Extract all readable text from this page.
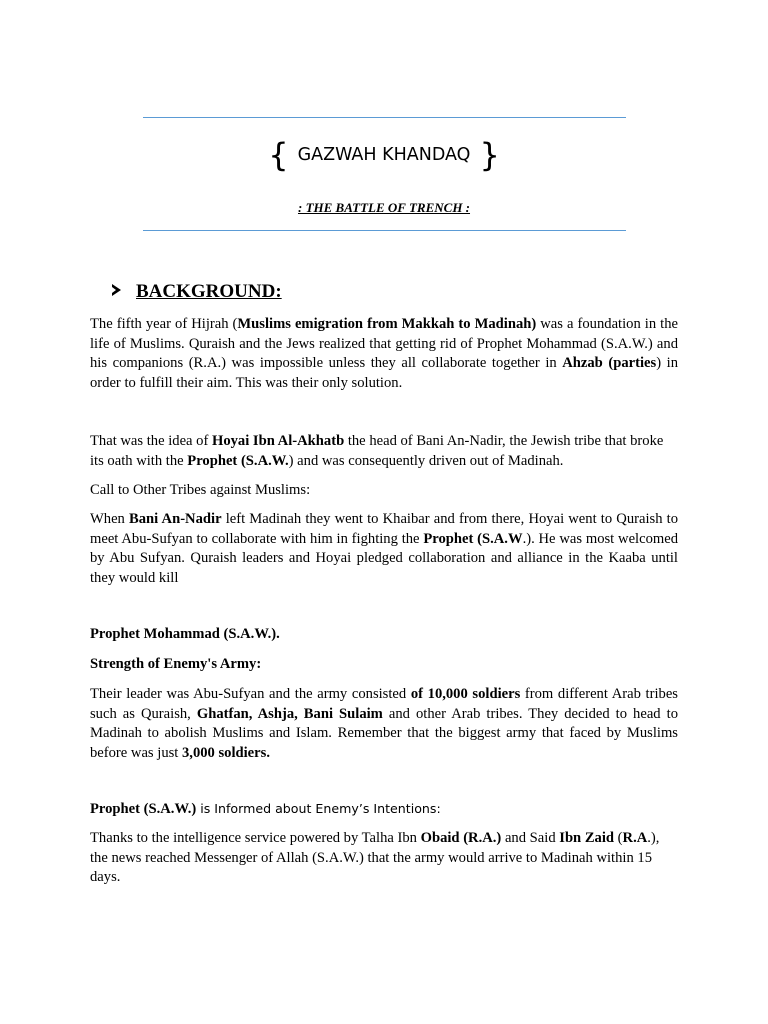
{ GAZWAH KHANDAQ }
: THE BATTLE OF TRENCH :
BACKGROUND:

The fifth year of Hijrah (Muslims emigration from Makkah to Madinah) was a foundation in the life of Muslims. Quraish and the Jews realized that getting rid of Prophet Mohammad (S.A.W.) and his companions (R.A.) was impossible unless they all collaborate together in Ahzab (parties) in order to fulfill their aim. This was their only solution.

That was the idea of Hoyai Ibn Al-Akhatb the head of Bani An-Nadir, the Jewish tribe that broke its oath with the Prophet (S.A.W.) and was consequently driven out of Madinah.

Call to Other Tribes against Muslims:

When Bani An-Nadir left Madinah they went to Khaibar and from there, Hoyai went to Quraish to meet Abu-Sufyan to collaborate with him in fighting the Prophet (S.A.W.). He was most welcomed by Abu Sufyan. Quraish leaders and Hoyai pledged collaboration and alliance in the Kaaba until they would kill

Prophet Mohammad (S.A.W.).

Strength of Enemy's Army:

Their leader was Abu-Sufyan and the army consisted of 10,000 soldiers from different Arab tribes such as Quraish, Ghatfan, Ashja, Bani Sulaim and other Arab tribes. They decided to head to Madinah to abolish Muslims and Islam. Remember that the biggest army that faced by Muslims before was just 3,000 soldiers.

Prophet (S.A.W.) is Informed about Enemy’s Intentions:

Thanks to the intelligence service powered by Talha Ibn Obaid (R.A.) and Said Ibn Zaid (R.A.), the news reached Messenger of Allah (S.A.W.) that the army would arrive to Madinah within 15 days.
